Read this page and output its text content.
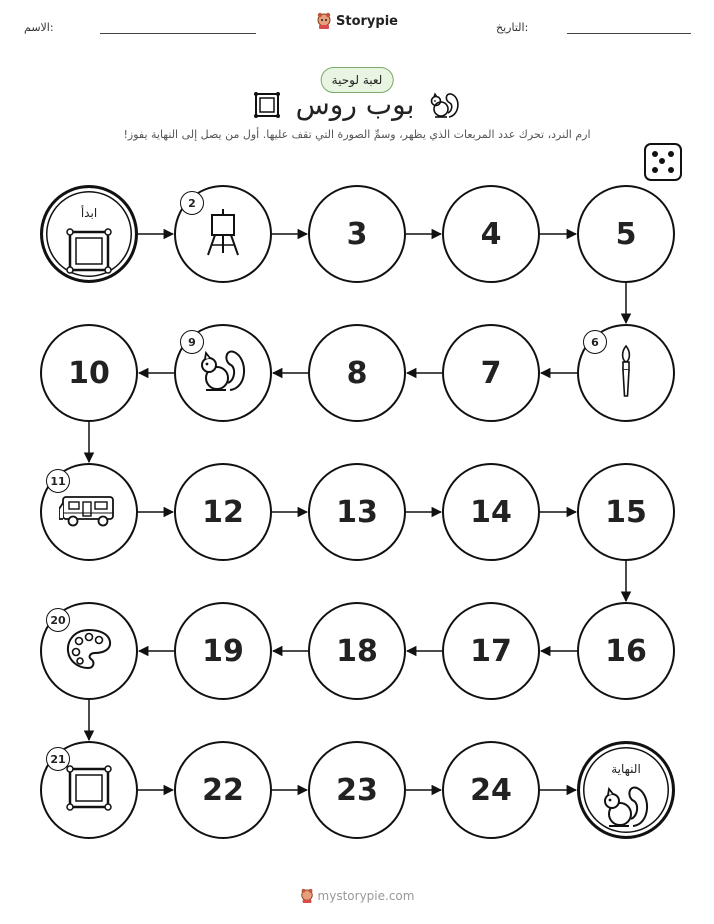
الاسم:	التاريخ:
Storypie
لعبة لوحية
بوب روس
ارم النرد، تحرك عدد المربعات الذي يظهر، وسمِّ الصورة التي تقف عليها. أول من يصل إلى النهاية يفوز!
ابدأ
2
3	4	5
6
7
8
9
10
11
12	13	14	15
16
17
18
19
20
21
22	23	24
النهاية
mystorypie.com
